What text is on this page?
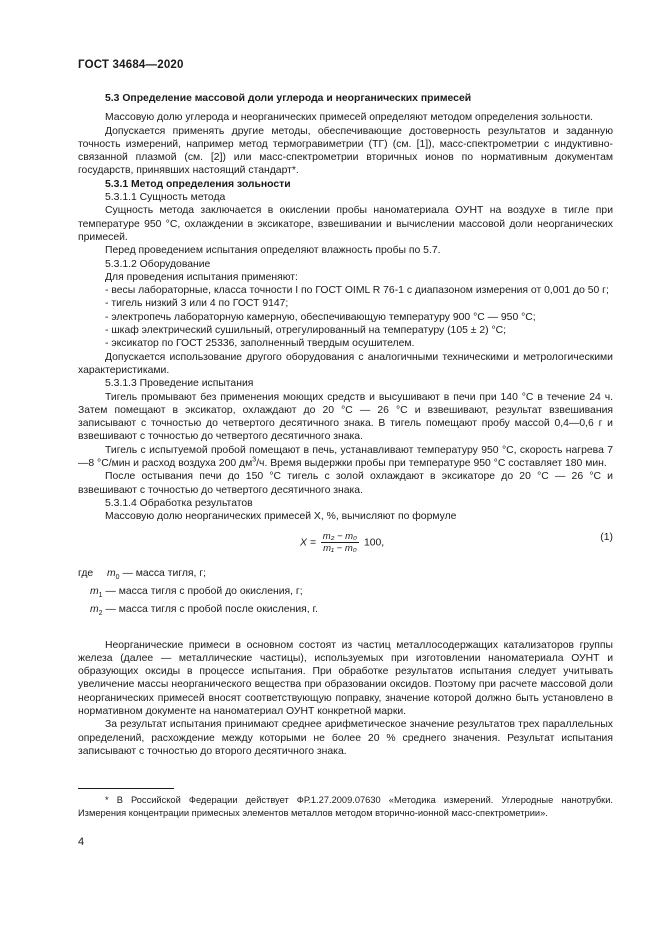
ГОСТ 34684—2020

5.3 Определение массовой доли углерода и неорганических примесей

Массовую долю углерода и неорганических примесей определяют методом определения зольности.

Допускается применять другие методы, обеспечивающие достоверность результатов и заданную точность измерений, например метод термогравиметрии (ТГ) (см. [1]), масс-спектрометрии с индуктивно-связанной плазмой (см. [2]) или масс-спектрометрии вторичных ионов по нормативным документам государств, принявших настоящий стандарт*.

5.3.1 Метод определения зольности

5.3.1.1 Сущность метода

Сущность метода заключается в окислении пробы наноматериала ОУНТ на воздухе в тигле при температуре 950 °С, охлаждении в эксикаторе, взвешивании и вычислении массовой доли неорганических примесей.

Перед проведением испытания определяют влажность пробы по 5.7.

5.3.1.2 Оборудование

Для проведения испытания применяют:

- весы лабораторные, класса точности I по ГОСТ OIML R 76-1 с диапазоном измерения от 0,001 до 50 г;

- тигель низкий 3 или 4 по ГОСТ 9147;

- электропечь лабораторную камерную, обеспечивающую температуру 900 °С — 950 °С;

- шкаф электрический сушильный, отрегулированный на температуру (105 ± 2) °С;

- эксикатор по ГОСТ 25336, заполненный твердым осушителем.

Допускается использование другого оборудования с аналогичными техническими и метрологическими характеристиками.

5.3.1.3 Проведение испытания

Тигель промывают без применения моющих средств и высушивают в печи при 140 °С в течение 24 ч. Затем помещают в эксикатор, охлаждают до 20 °С — 26 °С и взвешивают, результат взвешивания записывают с точностью до четвертого десятичного знака. В тигель помещают пробу массой 0,4—0,6 г и взвешивают с точностью до четвертого десятичного знака.

Тигель с испытуемой пробой помещают в печь, устанавливают температуру 950 °С, скорость нагрева 7—8 °С/мин и расход воздуха 200 $дм^3/ч$. Время выдержки пробы при температуре 950 °С составляет 180 мин.

После остывания печи до 150 °С тигель с золой охлаждают в эксикаторе до 20 °С — 26 °С и взвешивают с точностью до четвертого десятичного знака.

5.3.1.4 Обработка результатов

Массовую долю неорганических примесей X, %, вычисляют по формуле

$X = \frac{\text{m₂ − m₀}}{\text{m₁ − m₀}} 100$,	(1)
где $m_0$ — масса тигля, г;
$m_1$ — масса тигля с пробой до окисления, г;
$m_2$ — масса тигля с пробой после окисления, г.

Неорганические примеси в основном состоят из частиц металлосодержащих катализаторов группы железа (далее — металлические частицы), используемых при изготовлении наноматериала ОУНТ и образующих оксиды в процессе испытания. При обработке результатов испытания следует учитывать увеличение массы неорганического вещества при образовании оксидов. Поэтому при расчете массовой доли неорганических примесей вносят соответствующую поправку, значение которой должно быть установлено в нормативном документе на наноматериал ОУНТ конкретной марки.

За результат испытания принимают среднее арифметическое значение результатов трех параллельных определений, расхождение между которыми не более 20 % среднего значения. Результат испытания записывают с точностью до второго десятичного знака.

* В Российской Федерации действует ФР.1.27.2009.07630 «Методика измерений. Углеродные нанотрубки. Измерения концентрации примесных элементов металлов методом вторично-ионной масс-спектрометрии».
4
